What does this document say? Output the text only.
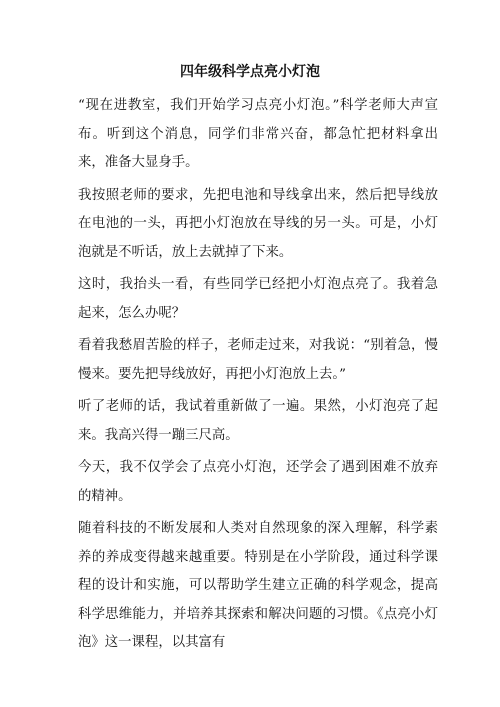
四年级科学点亮小灯泡

“现在进教室，我们开始学习点亮小灯泡。”科学老师大声宣布。听到这个消息，同学们非常兴奋，都急忙把材料拿出来，准备大显身手。

我按照老师的要求，先把电池和导线拿出来，然后把导线放在电池的一头，再把小灯泡放在导线的另一头。可是，小灯泡就是不听话，放上去就掉了下来。

这时，我抬头一看，有些同学已经把小灯泡点亮了。我着急起来，怎么办呢？

看着我愁眉苦脸的样子，老师走过来，对我说：“别着急，慢慢来。要先把导线放好，再把小灯泡放上去。”

听了老师的话，我试着重新做了一遍。果然，小灯泡亮了起来。我高兴得一蹦三尺高。

今天，我不仅学会了点亮小灯泡，还学会了遇到困难不放弃的精神。

随着科技的不断发展和人类对自然现象的深入理解，科学素养的养成变得越来越重要。特别是在小学阶段，通过科学课程的设计和实施，可以帮助学生建立正确的科学观念，提高科学思维能力，并培养其探索和解决问题的习惯。《点亮小灯泡》这一课程，以其富有
